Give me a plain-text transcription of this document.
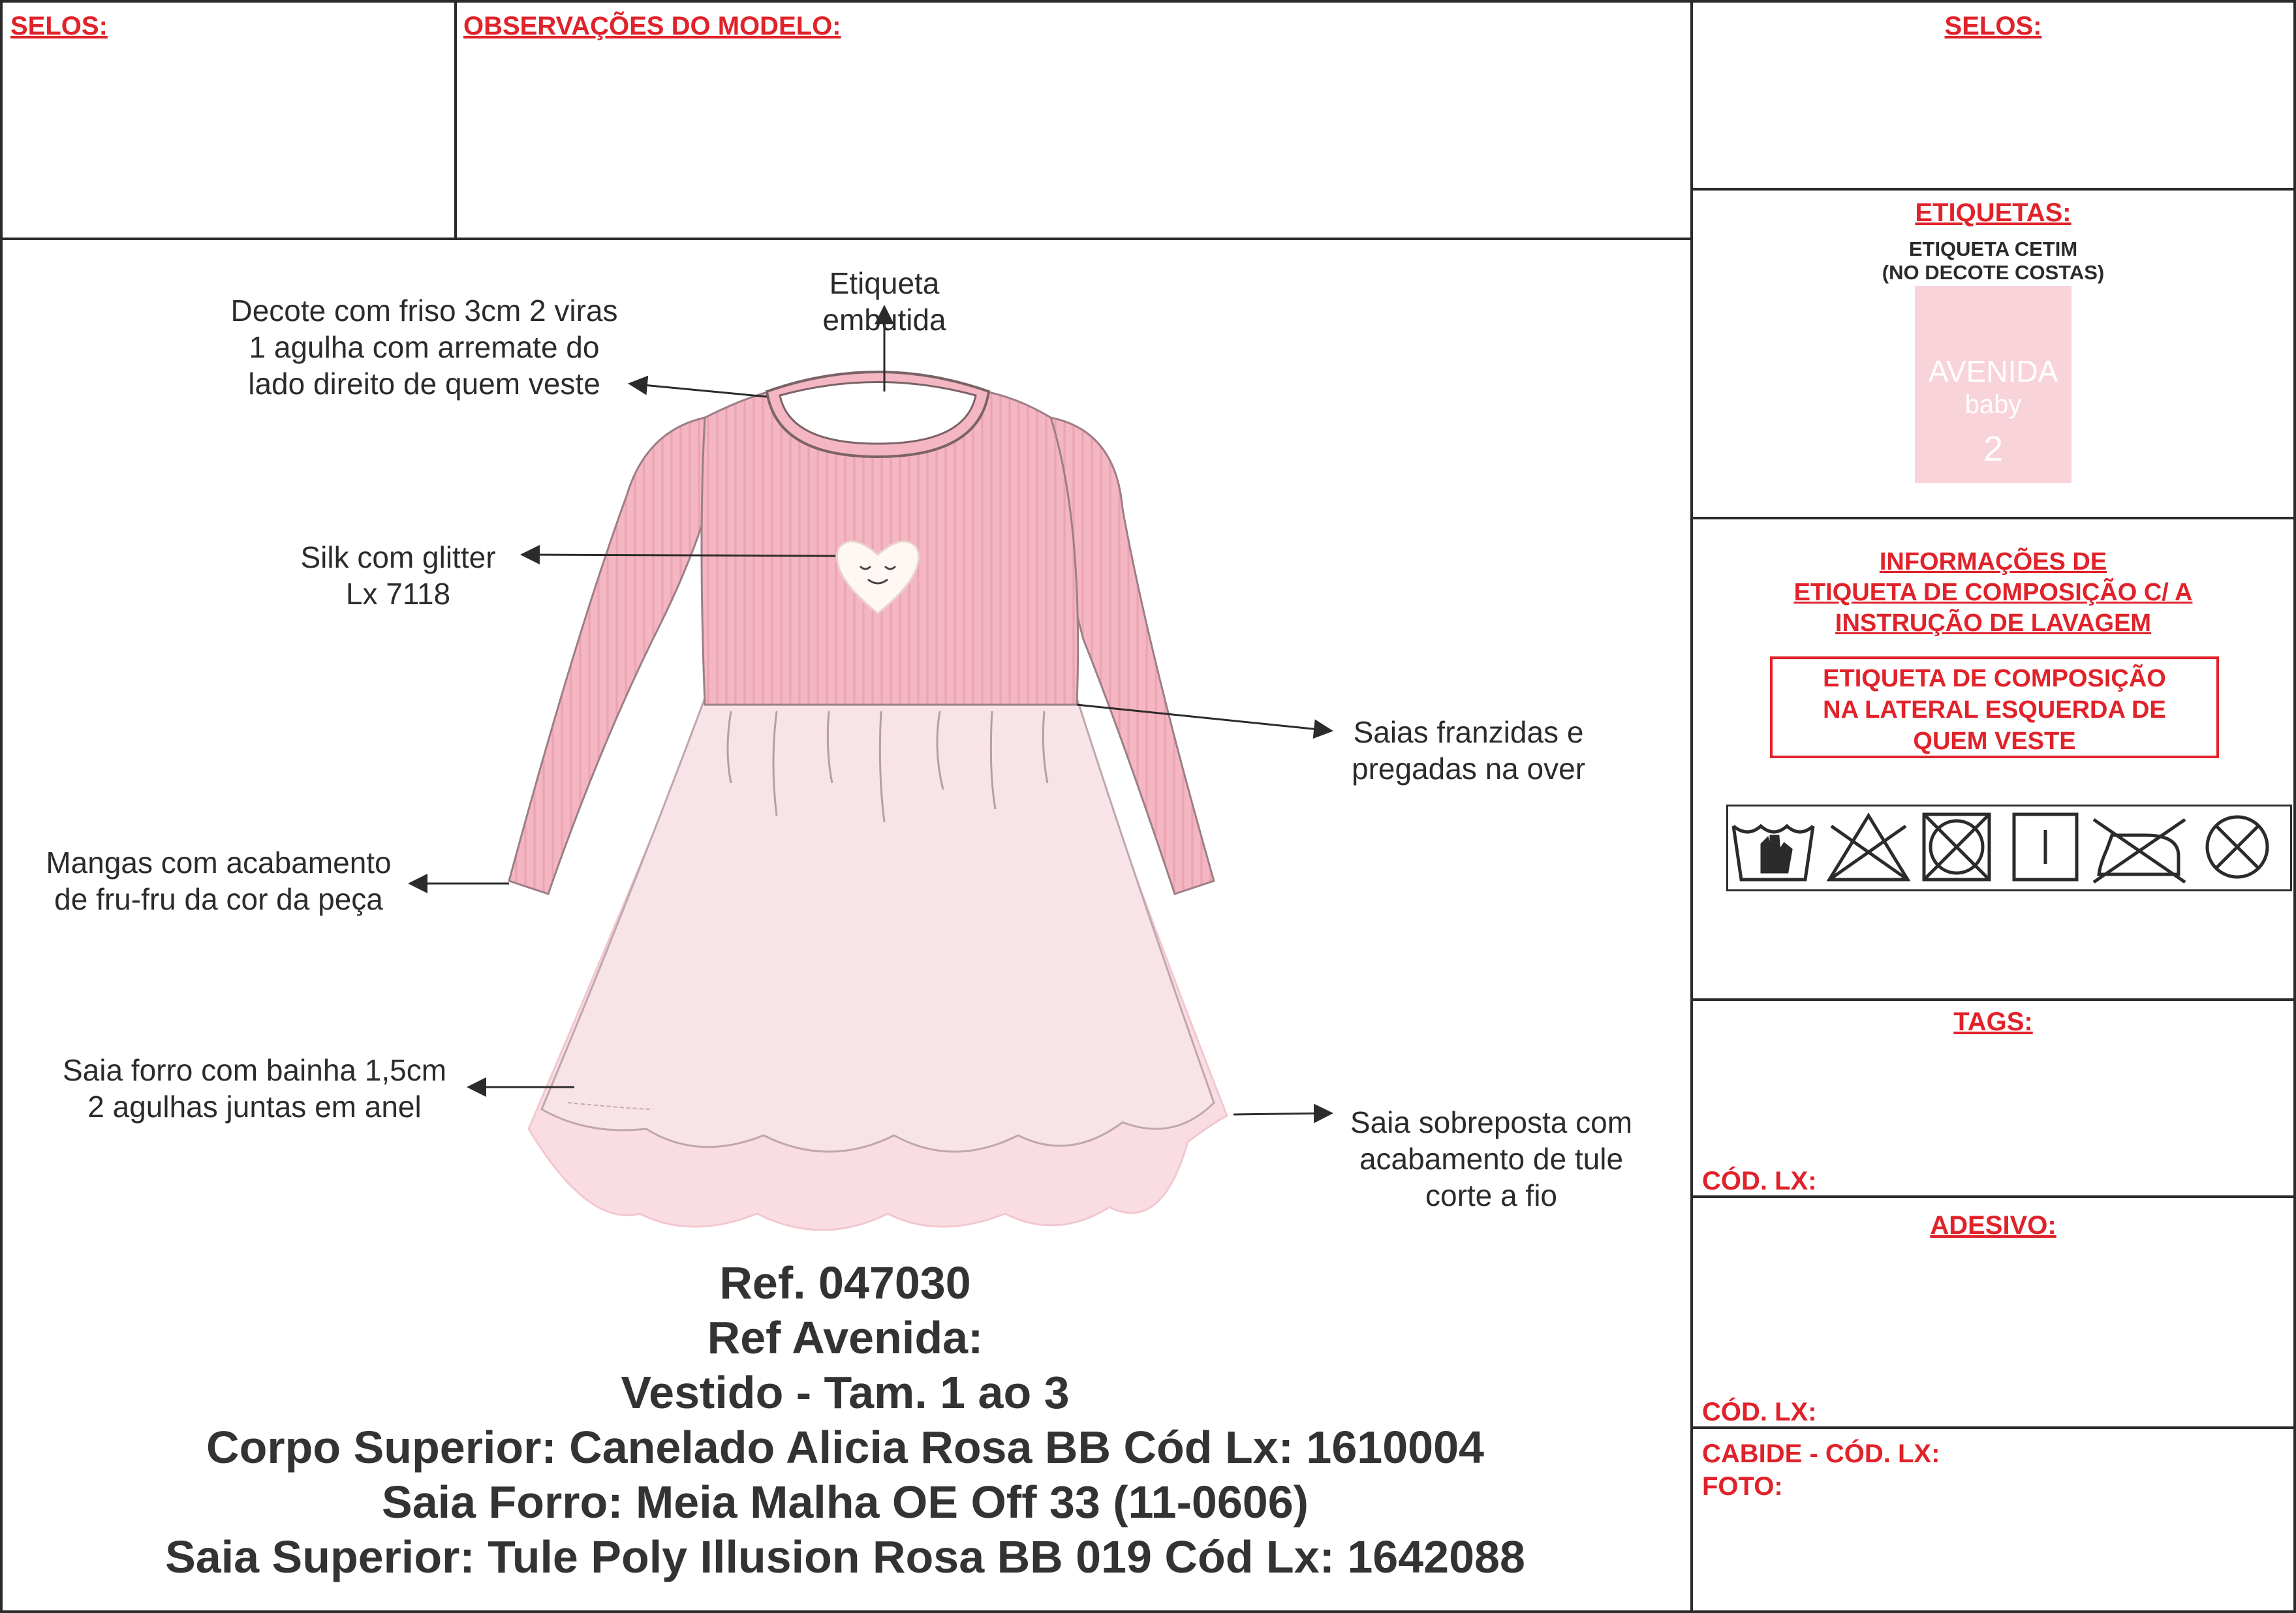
SELOS:	OBSERVAÇÕES DO MODELO:	SELOS:
ETIQUETAS:
ETIQUETA CETIM
(NO DECOTE COSTAS)
AVENIDA
baby
2
INFORMAÇÕES DE
ETIQUETA DE COMPOSIÇÃO C/ A
INSTRUÇÃO DE LAVAGEM
ETIQUETA DE COMPOSIÇÃO
NA LATERAL ESQUERDA DE
QUEM VESTE
TAGS:
CÓD. LX:
ADESIVO:
CÓD. LX:
CABIDE - CÓD. LX:
FOTO:
Decote com friso 3cm 2 viras
1 agulha com arremate do
lado direito de quem veste
Etiqueta
embutida
Silk com glitter
Lx 7118
Saias franzidas e
pregadas na over
Mangas com acabamento
de fru-fru da cor da peça
Saia forro com bainha 1,5cm
2 agulhas juntas em anel	Saia sobreposta com
acabamento de tule
corte a fio
Ref. 047030
Ref Avenida:
Vestido - Tam. 1 ao 3
Corpo Superior: Canelado Alicia Rosa BB Cód Lx: 1610004
Saia Forro: Meia Malha OE Off 33 (11-0606)
Saia Superior: Tule Poly Illusion Rosa BB 019 Cód Lx: 1642088
